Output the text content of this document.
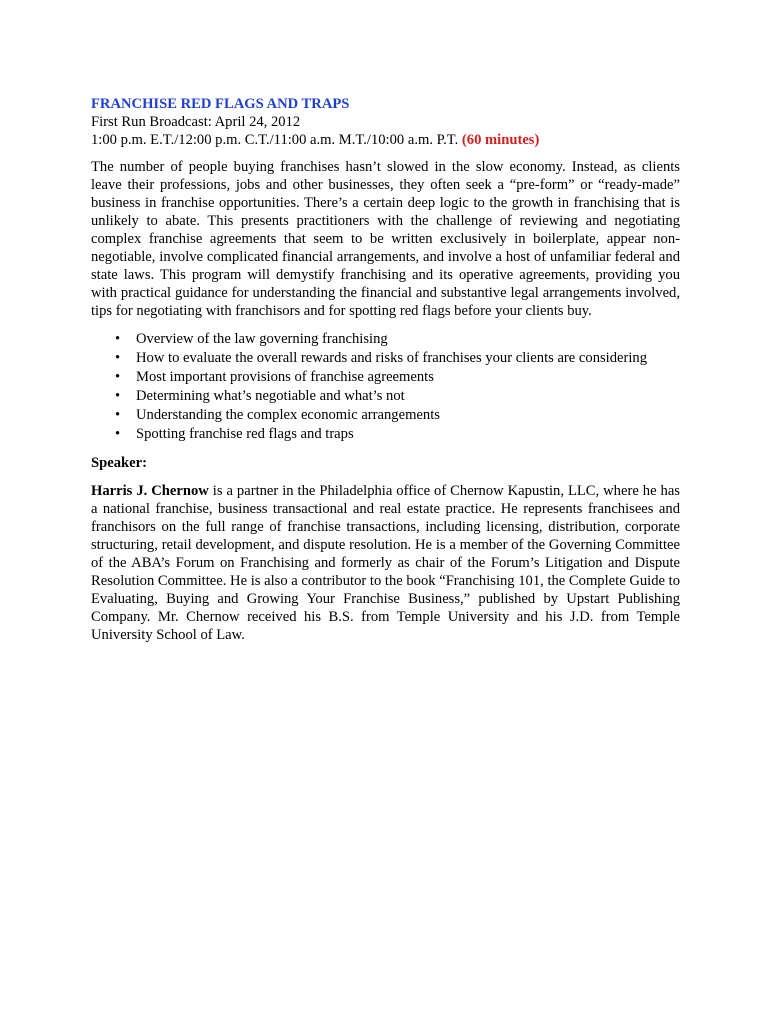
FRANCHISE RED FLAGS AND TRAPS

First Run Broadcast: April 24, 2012

1:00 p.m. E.T./12:00 p.m. C.T./11:00 a.m. M.T./10:00 a.m. P.T. (60 minutes)

The number of people buying franchises hasn’t slowed in the slow economy. Instead, as clients leave their professions, jobs and other businesses, they often seek a “pre-form” or “ready-made” business in franchise opportunities. There’s a certain deep logic to the growth in franchising that is unlikely to abate. This presents practitioners with the challenge of reviewing and negotiating complex franchise agreements that seem to be written exclusively in boilerplate, appear non-negotiable, involve complicated financial arrangements, and involve a host of unfamiliar federal and state laws. This program will demystify franchising and its operative agreements, providing you with practical guidance for understanding the financial and substantive legal arrangements involved, tips for negotiating with franchisors and for spotting red flags before your clients buy.

• Overview of the law governing franchising
• How to evaluate the overall rewards and risks of franchises your clients are considering
• Most important provisions of franchise agreements
• Determining what’s negotiable and what’s not
• Understanding the complex economic arrangements
• Spotting franchise red flags and traps

Speaker:

Harris J. Chernow is a partner in the Philadelphia office of Chernow Kapustin, LLC, where he has a national franchise, business transactional and real estate practice. He represents franchisees and franchisors on the full range of franchise transactions, including licensing, distribution, corporate structuring, retail development, and dispute resolution. He is a member of the Governing Committee of the ABA’s Forum on Franchising and formerly as chair of the Forum’s Litigation and Dispute Resolution Committee. He is also a contributor to the book “Franchising 101, the Complete Guide to Evaluating, Buying and Growing Your Franchise Business,” published by Upstart Publishing Company. Mr. Chernow received his B.S. from Temple University and his J.D. from Temple University School of Law.
